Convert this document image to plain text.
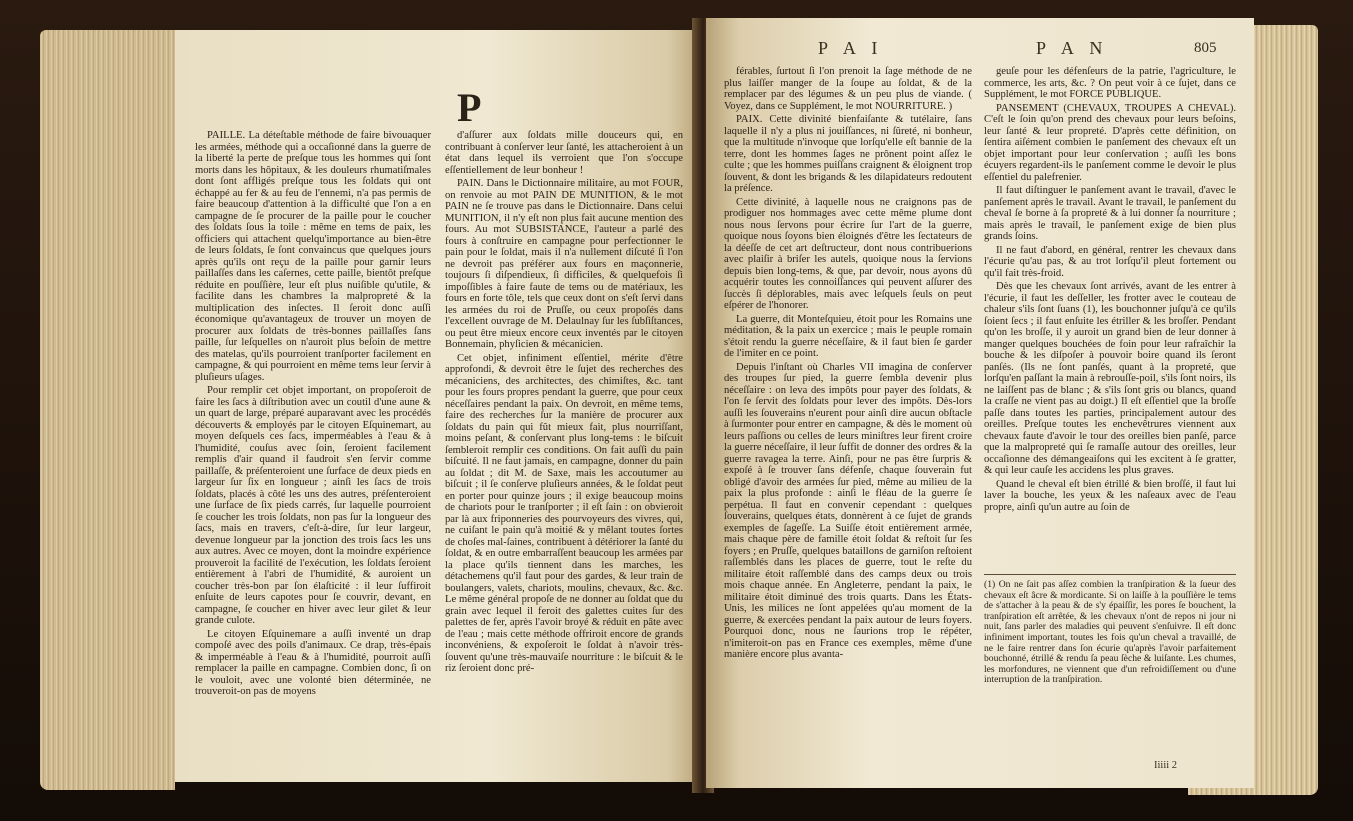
P

PAILLE. La déteſtable méthode de faire bivouaquer les armées, méthode qui a occaſionné dans la guerre de la liberté la perte de preſque tous les hommes qui ſont morts dans les hôpitaux, & les douleurs rhumatiſmales dont ſont affligés preſque tous les ſoldats qui ont échappé au fer & au feu de l'ennemi, n'a pas permis de faire beaucoup d'attention à la difficulté que l'on a en campagne de ſe procurer de la paille pour le coucher des ſoldats ſous la toile : même en tems de paix, les officiers qui attachent quelqu'importance au bien-être de leurs ſoldats, ſe ſont convaincus que quelques jours après qu'ils ont reçu de la paille pour garnir leurs paillaſſes dans les caſernes, cette paille, bientôt preſque réduite en pouſſière, leur eſt plus nuiſible qu'utile, & facilite dans les chambres la malpropreté & la multiplication des inſectes. Il ſeroit donc auſſi économique qu'avantageux de trouver un moyen de procurer aux ſoldats de très-bonnes paillaſſes ſans paille, ſur leſquelles on n'auroit plus beſoin de mettre des matelas, qu'ils pourroient tranſporter facilement en campagne, & qui pourroient en même tems leur ſervir à pluſieurs uſages.

Pour remplir cet objet important, on propoſeroit de faire les ſacs à diſtribution avec un coutil d'une aune & un quart de large, préparé auparavant avec les procédés découverts & employés par le citoyen Eſquinemart, au moyen deſquels ces ſacs, imperméables à l'eau & à l'humidité, couſus avec ſoin, ſeroient facilement remplis d'air quand il faudroit s'en ſervir comme paillaſſe, & préſenteroient une ſurface de deux pieds en largeur ſur ſix en longueur ; ainſi les ſacs de trois ſoldats, placés à côté les uns des autres, préſenteroient une ſurface de ſix pieds carrés, ſur laquelle pourroient ſe coucher les trois ſoldats, non pas ſur la longueur des ſacs, mais en travers, c'eſt-à-dire, ſur leur largeur, devenue longueur par la jonction des trois ſacs les uns aux autres. Avec ce moyen, dont la moindre expérience prouveroit la facilité de l'exécution, les ſoldats ſeroient entièrement à l'abri de l'humidité, & auroient un coucher très-bon par ſon élaſticité : il leur ſuffiroit enſuite de leurs capotes pour ſe couvrir, devant, en campagne, ſe coucher en hiver avec leur gilet & leur grande culote.

Le citoyen Eſquinemare a auſſi inventé un drap compoſé avec des poils d'animaux. Ce drap, très-épais & imperméable à l'eau & à l'humidité, pourroit auſſi remplacer la paille en campagne. Combien donc, ſi on le vouloit, avec une volonté bien déterminée, ne trouveroit-on pas de moyens

d'aſſurer aux ſoldats mille douceurs qui, en contribuant à conſerver leur ſanté, les attacheroient à un état dans lequel ils verroient que l'on s'occupe eſſentiellement de leur bonheur !

PAIN. Dans le Dictionnaire militaire, au mot FOUR, on renvoie au mot PAIN DE MUNITION, & le mot PAIN ne ſe trouve pas dans le Dictionnaire. Dans celui MUNITION, il n'y eſt non plus fait aucune mention des fours. Au mot SUBSISTANCE, l'auteur a parlé des fours à conſtruire en campagne pour perfectionner le pain pour le ſoldat, mais il n'a nullement diſcuté ſi l'on ne devroit pas préférer aux fours en maçonnerie, toujours ſi diſpendieux, ſi difficiles, & quelquefois ſi impoſſibles à faire faute de tems ou de matériaux, les fours en forte tôle, tels que ceux dont on s'eſt ſervi dans les armées du roi de Pruſſe, ou ceux propoſés dans l'excellent ouvrage de M. Delaulnay ſur les ſubſiſtances, ou peut être mieux encore ceux inventés par le citoyen Bonnemain, phyſicien & mécanicien.

Cet objet, infiniment eſſentiel, mérite d'être approfondi, & devroit être le ſujet des recherches des mécaniciens, des architectes, des chimiſtes, &c. tant pour les fours propres pendant la guerre, que pour ceux néceſſaires pendant la paix. On devroit, en même tems, faire des recherches ſur la manière de procurer aux ſoldats du pain qui fût mieux fait, plus nourriſſant, moins peſant, & conſervant plus long-tems : le biſcuit ſembleroit remplir ces conditions. On fait auſſi du pain biſcuité. Il ne faut jamais, en campagne, donner du pain au ſoldat ; dit M. de Saxe, mais les accoutumer au biſcuit ; il ſe conſerve pluſieurs années, & le ſoldat peut en porter pour quinze jours ; il exige beaucoup moins de chariots pour le tranſporter ; il eſt ſain : on obvieroit par là aux friponneries des pourvoyeurs des vivres, qui, ne cuiſant le pain qu'à moitié & y mêlant toutes ſortes de choſes mal-ſaines, contribuent à détériorer la ſanté du ſoldat, & en outre embarraſſent beaucoup les armées par la place qu'ils tiennent dans les marches, les détachemens qu'il faut pour des gardes, & leur train de boulangers, valets, chariots, moulins, chevaux, &c. &c. Le même général propoſe de ne donner au ſoldat que du grain avec lequel il feroit des galettes cuites ſur des palettes de fer, après l'avoir broyé & réduit en pâte avec de l'eau ; mais cette méthode offriroit encore de grands inconvéniens, & expoſeroit le ſoldat à n'avoir très-ſouvent qu'une très-mauvaiſe nourriture : le biſcuit & le riz ſeroient donc pré-

P A I	P A N	805

férables, ſurtout ſi l'on prenoit la ſage méthode de ne plus laiſſer manger de la ſoupe au ſoldat, & de la remplacer par des légumes & un peu plus de viande. ( Voyez, dans ce Supplément, le mot NOURRITURE. )

PAIX. Cette divinité bienfaiſante & tutélaire, ſans laquelle il n'y a plus ni jouiſſances, ni ſûreté, ni bonheur, que la multitude n'invoque que lorſqu'elle eſt bannie de la terre, dont les hommes ſages ne prônent point aſſez le culte ; que les hommes puiſſans craignent & éloignent trop ſouvent, & dont les brigands & les dilapidateurs redoutent la préſence.

Cette divinité, à laquelle nous ne craignons pas de prodiguer nos hommages avec cette même plume dont nous nous ſervons pour écrire ſur l'art de la guerre, quoique nous ſoyons bien éloignés d'être les ſectateurs de la déeſſe de cet art deſtructeur, dont nous contribuerions avec plaiſir à briſer les autels, quoique nous la ſervions depuis bien long-tems, & que, par devoir, nous ayons dû acquérir toutes les connoiſſances qui peuvent aſſurer des ſuccès ſi déplorables, mais avec leſquels ſeuls on peut eſpérer de l'honorer.

La guerre, dit Monteſquieu, étoit pour les Romains une méditation, & la paix un exercice ; mais le peuple romain s'étoit rendu la guerre néceſſaire, & il faut bien ſe garder de l'imiter en ce point.

Depuis l'inſtant où Charles VII imagina de conſerver des troupes ſur pied, la guerre ſembla devenir plus néceſſaire : on leva des impôts pour payer des ſoldats, & l'on ſe ſervit des ſoldats pour lever des impôts. Dès-lors auſſi les ſouverains n'eurent pour ainſi dire aucun obſtacle à ſurmonter pour entrer en campagne, & dès le moment où leurs paſſions ou celles de leurs miniſtres leur firent croire la guerre néceſſaire, il leur ſuffit de donner des ordres & la guerre ravagea la terre. Ainſi, pour ne pas être ſurpris & expoſé à ſe trouver ſans défenſe, chaque ſouverain fut obligé d'avoir des armées ſur pied, même au milieu de la paix la plus profonde : ainſi le fléau de la guerre ſe perpétua. Il faut en convenir cependant : quelques ſouverains, quelques états, donnèrent à ce ſujet de grands exemples de ſageſſe. La Suiſſe étoit entièrement armée, mais chaque père de famille étoit ſoldat & reſtoit ſur ſes foyers ; en Pruſſe, quelques bataillons de garniſon reſtoient raſſemblés dans les places de guerre, tout le reſte du militaire étoit raſſemblé dans des camps deux ou trois mois chaque année. En Angleterre, pendant la paix, le militaire étoit diminué des trois quarts. Dans les États-Unis, les milices ne ſont appelées qu'au moment de la guerre, & exercées pendant la paix autour de leurs foyers. Pourquoi donc, nous ne ſaurions trop le répéter, n'imiteroit-on pas en France ces exemples, même d'une manière encore plus avanta-

geuſe pour les défenſeurs de la patrie, l'agriculture, le commerce, les arts, &c. ? On peut voir à ce ſujet, dans ce Supplément, le mot FORCE PUBLIQUE.

PANSEMENT (CHEVAUX, TROUPES A CHEVAL). C'eſt le ſoin qu'on prend des chevaux pour leurs beſoins, leur ſanté & leur propreté. D'après cette définition, on ſentira aiſément combien le panſement des chevaux eſt un objet important pour leur conſervation ; auſſi les bons écuyers regardent-ils le panſement comme le devoir le plus eſſentiel du palefrenier.

Il faut diſtinguer le panſement avant le travail, d'avec le panſement après le travail. Avant le travail, le panſement du cheval ſe borne à ſa propreté & à lui donner ſa nourriture ; mais après le travail, le panſement exige de bien plus grands ſoins.

Il ne faut d'abord, en général, rentrer les chevaux dans l'écurie qu'au pas, & au trot lorſqu'il pleut fortement ou qu'il fait très-froid.

Dès que les chevaux ſont arrivés, avant de les entrer à l'écurie, il faut les deſſeller, les frotter avec le couteau de chaleur s'ils ſont ſuans (1), les bouchonner juſqu'à ce qu'ils ſoient ſecs ; il faut enſuite les étriller & les broſſer. Pendant qu'on les broſſe, il y auroit un grand bien de leur donner à manger quelques bouchées de foin pour leur rafraîchir la bouche & les diſpoſer à pouvoir boire quand ils ſeront panſés. (Ils ne ſont panſés, quant à la propreté, que lorſqu'en paſſant la main à rebrouſſe-poil, s'ils ſont noirs, ils ne laiſſent pas de blanc ; & s'ils ſont gris ou blancs, quand la craſſe ne vient pas au doigt.) Il eſt eſſentiel que la broſſe paſſe dans toutes les parties, principalement autour des oreilles. Preſque toutes les enchevêtrures viennent aux chevaux faute d'avoir le tour des oreilles bien panſé, parce que la malpropreté qui ſe ramaſſe autour des oreilles, leur occaſionne des démangeaiſons qui les excitent à ſe gratter, & qui leur cauſe les accidens les plus graves.

Quand le cheval eſt bien étrillé & bien broſſé, il faut lui laver la bouche, les yeux & les naſeaux avec de l'eau propre, ainſi qu'un autre au ſoin de

(1) On ne ſait pas aſſez combien la tranſpiration & la ſueur des chevaux eſt âcre & mordicante. Si on laiſſe à la pouſſière le tems de s'attacher à la peau & de s'y épaiſſir, les pores ſe bouchent, la tranſpiration eſt arrêtée, & les chevaux n'ont de repos ni jour ni nuit, ſans parler des maladies qui peuvent s'enſuivre. Il eſt donc infiniment important, toutes les fois qu'un cheval a travaillé, de ne le faire rentrer dans ſon écurie qu'après l'avoir parfaitement bouchonné, étrillé & rendu ſa peau ſèche & luiſante. Les chumes, les morfondures, ne viennent que d'un refroidiſſement ou d'une interruption de la tranſpiration.
Iiiii 2
